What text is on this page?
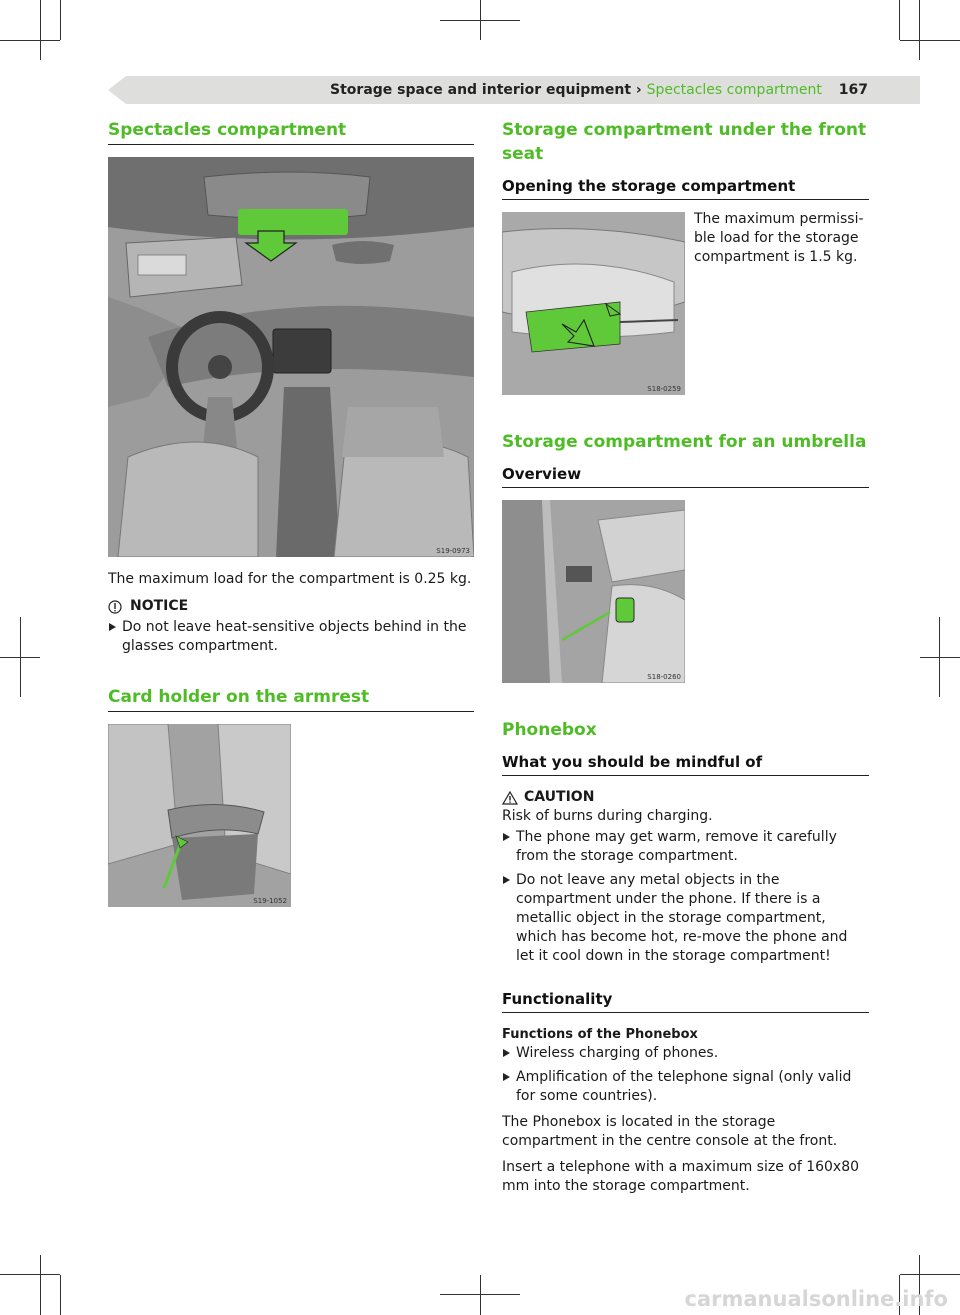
Storage space and interior equipment › Spectacles compartment 167
Spectacles compartment
S19-0973
The maximum load for the compartment is 0.25 kg.
NOTICE
Do not leave heat-sensitive objects behind in the glasses compartment.
Card holder on the armrest
S19-1052
Storage compartment under the front seat
Opening the storage compartment
S18-0259
The maximum permissi-ble load for the storage compartment is 1.5 kg.
Storage compartment for an umbrella
Overview
S18-0260
Phonebox
What you should be mindful of
CAUTION
Risk of burns during charging.
The phone may get warm, remove it carefully from the storage compartment.
Do not leave any metal objects in the compartment under the phone. If there is a metallic object in the storage compartment, which has become hot, re-move the phone and let it cool down in the storage compartment!
Functionality
Functions of the Phonebox
Wireless charging of phones.
Amplification of the telephone signal (only valid for some countries).
The Phonebox is located in the storage compartment in the centre console at the front.
Insert a telephone with a maximum size of 160x80 mm into the storage compartment.
carmanualsonline.info
